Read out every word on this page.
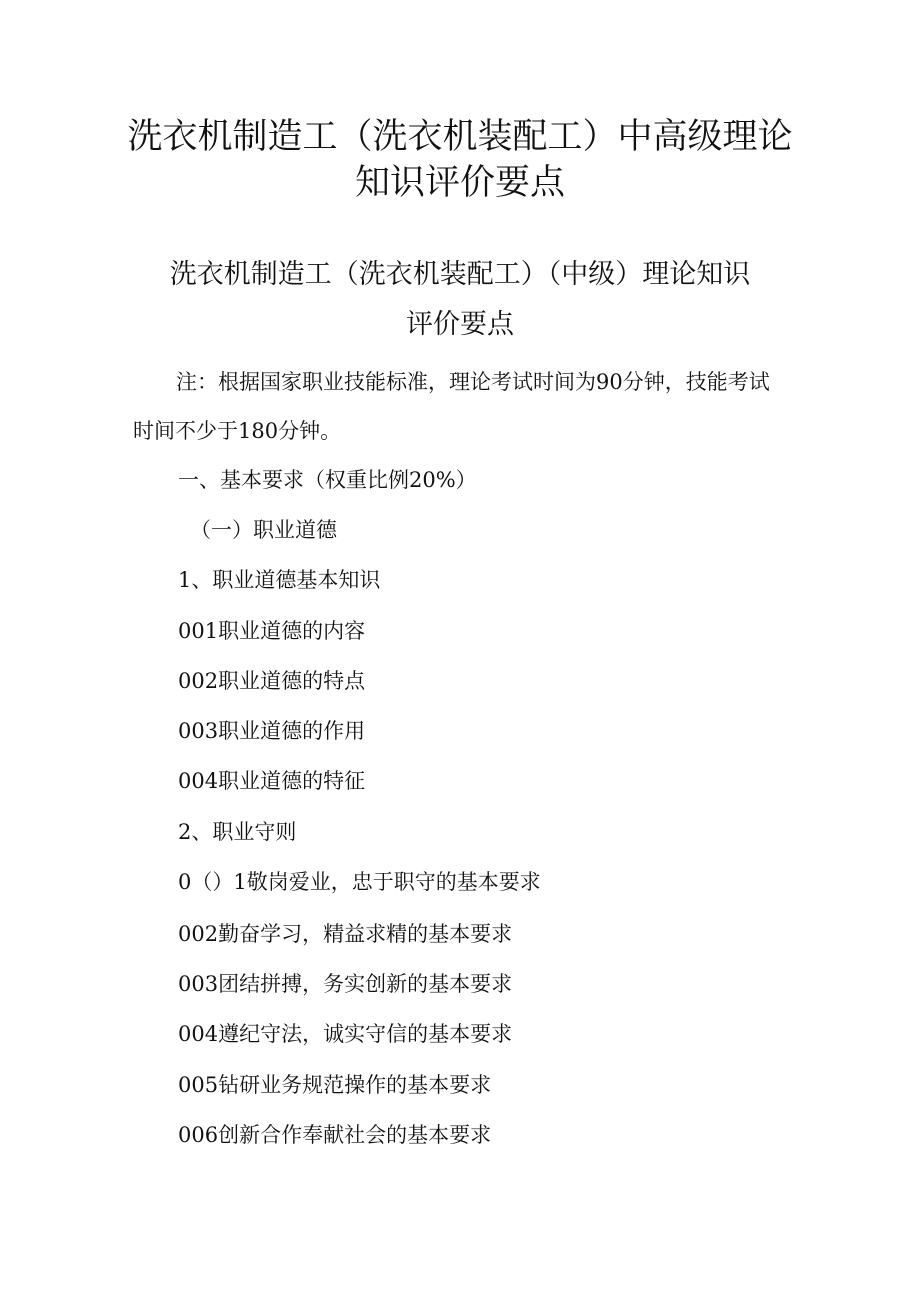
洗衣机制造工（洗衣机装配工）中高级理论
知识评价要点
洗衣机制造工（洗衣机装配工）（中级）理论知识
评价要点

注：根据国家职业技能标准，理论考试时间为90分钟，技能考试

时间不少于180分钟。

一、基本要求（权重比例20%）

（一）职业道德

1、职业道德基本知识

001职业道德的内容

002职业道德的特点

003职业道德的作用

004职业道德的特征

2、职业守则

0（）1敬岗爱业，忠于职守的基本要求

002勤奋学习，精益求精的基本要求

003团结拼搏，务实创新的基本要求

004遵纪守法，诚实守信的基本要求

005钻研业务规范操作的基本要求

006创新合作奉献社会的基本要求
